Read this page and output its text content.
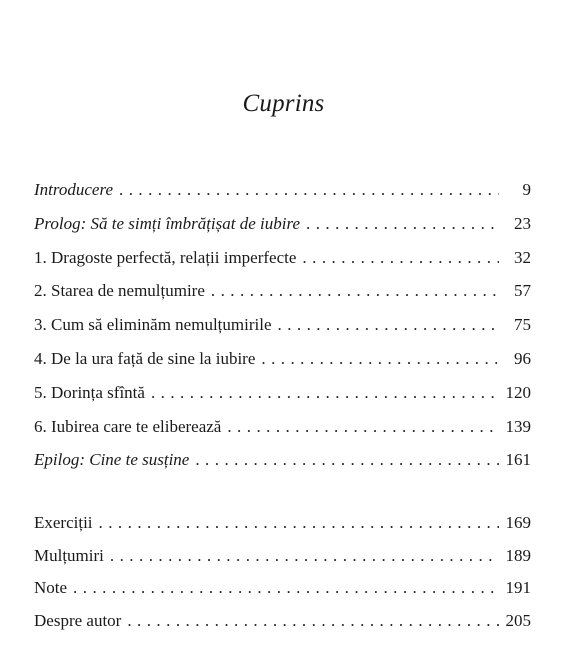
Cuprins
Introducere . . .	9
Prolog: Să te simți îmbrățișat de iubire . . .	23
1. Dragoste perfectă, relații imperfecte . . .	32
2. Starea de nemulțumire . . .	57
3. Cum să eliminăm nemulțumirile . . .	75
4. De la ura față de sine la iubire . . .	96
5. Dorința sfîntă . . .	120
6. Iubirea care te eliberează . . .	139
Epilog: Cine te susține . . .	161
Exerciții . . .	169
Mulțumiri . . .	189
Note . . .	191
Despre autor . . .	205
